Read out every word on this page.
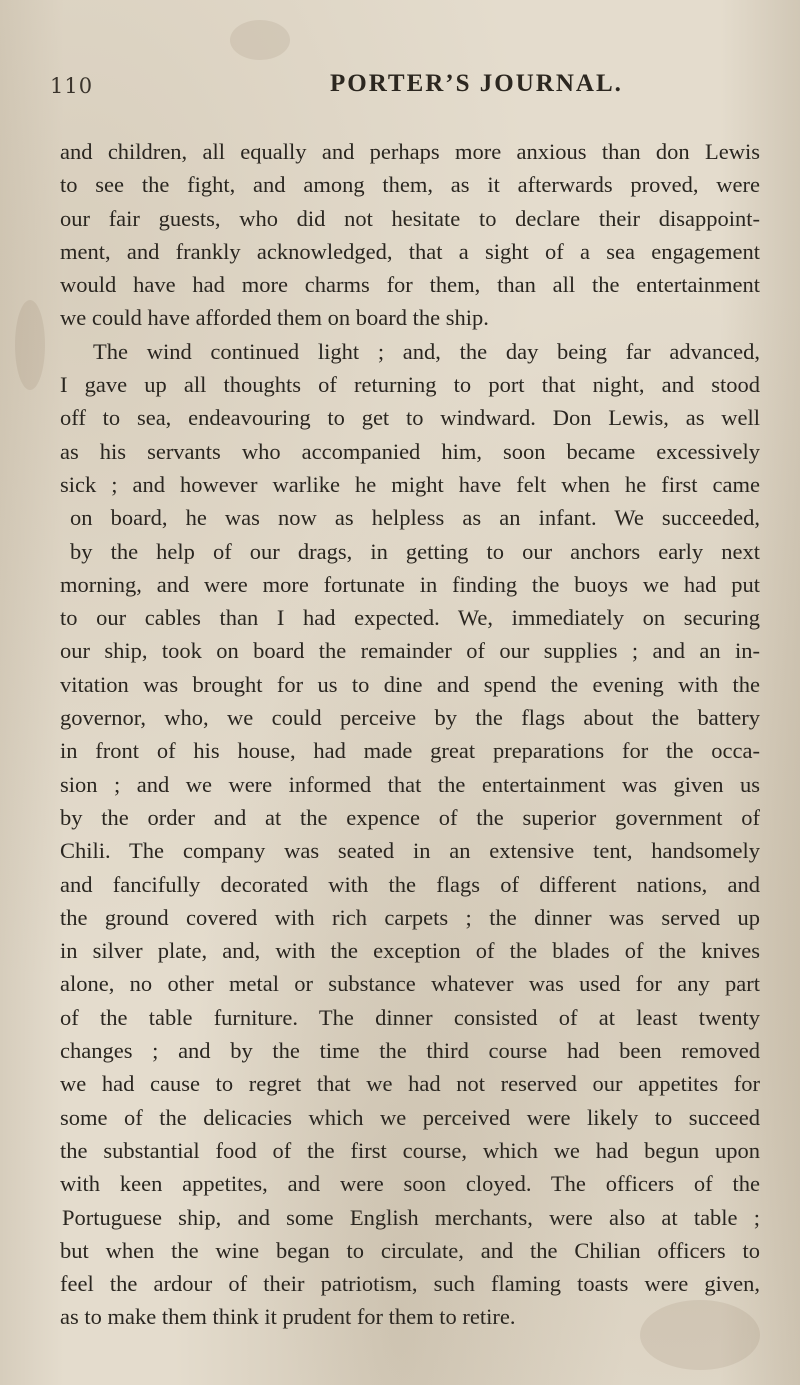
110	PORTER’S JOURNAL.
and children, all equally and perhaps more anxious than don Lewis
to see the fight, and among them, as it afterwards proved, were
our fair guests, who did not hesitate to declare their disappoint-
ment, and frankly acknowledged, that a sight of a sea engagement
would have had more charms for them, than all the entertainment
we could have afforded them on board the ship.
The wind continued light ; and, the day being far advanced,
I gave up all thoughts of returning to port that night, and stood
off to sea, endeavouring to get to windward. Don Lewis, as well
as his servants who accompanied him, soon became excessively
sick ; and however warlike he might have felt when he first came
on board, he was now as helpless as an infant. We succeeded,
by the help of our drags, in getting to our anchors early next
morning, and were more fortunate in finding the buoys we had put
to our cables than I had expected. We, immediately on securing
our ship, took on board the remainder of our supplies ; and an in-
vitation was brought for us to dine and spend the evening with the
governor, who, we could perceive by the flags about the battery
in front of his house, had made great preparations for the occa-
sion ; and we were informed that the entertainment was given us
by the order and at the expence of the superior government of
Chili. The company was seated in an extensive tent, handsomely
and fancifully decorated with the flags of different nations, and
the ground covered with rich carpets ; the dinner was served up
in silver plate, and, with the exception of the blades of the knives
alone, no other metal or substance whatever was used for any part
of the table furniture. The dinner consisted of at least twenty
changes ; and by the time the third course had been removed
we had cause to regret that we had not reserved our appetites for
some of the delicacies which we perceived were likely to succeed
the substantial food of the first course, which we had begun upon
with keen appetites, and were soon cloyed. The officers of the
Portuguese ship, and some English merchants, were also at table ;
but when the wine began to circulate, and the Chilian officers to
feel the ardour of their patriotism, such flaming toasts were given,
as to make them think it prudent for them to retire.
